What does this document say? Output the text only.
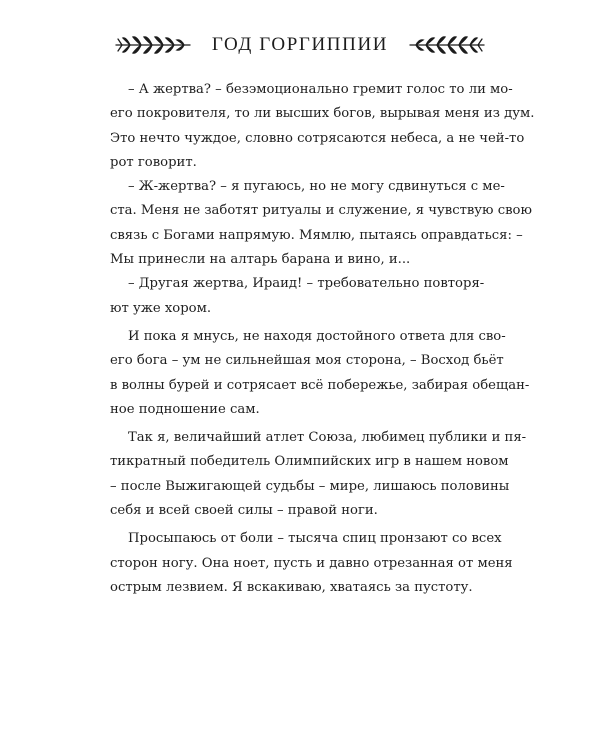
ГОД ГОРГИППИИ
– А жертва? – безэмоционально гремит голос то ли мо-
его покровителя, то ли высших богов, вырывая меня из дум.
Это нечто чуждое, словно сотрясаются небеса, а не чей-то
рот говорит.
– Ж-жертва? – я пугаюсь, но не могу сдвинуться с ме-
ста. Меня не заботят ритуалы и служение, я чувствую свою
связь с Богами напрямую. Мямлю, пытаясь оправдаться: –
Мы принесли на алтарь барана и вино, и...
– Другая жертва, Ираид! – требовательно повторя-
ют уже хором.
И пока я мнусь, не находя достойного ответа для сво-
его бога – ум не сильнейшая моя сторона, – Восход бьёт
в волны бурей и сотрясает всё побережье, забирая обещан-
ное подношение сам.
Так я, величайший атлет Союза, любимец публики и пя-
тикратный победитель Олимпийских игр в нашем новом
– после Выжигающей судьбы – мире, лишаюсь половины
себя и всей своей силы – правой ноги.
Просыпаюсь от боли – тысяча спиц пронзают со всех
сторон ногу. Она ноет, пусть и давно отрезанная от меня
острым лезвием. Я вскакиваю, хватаясь за пустоту.
